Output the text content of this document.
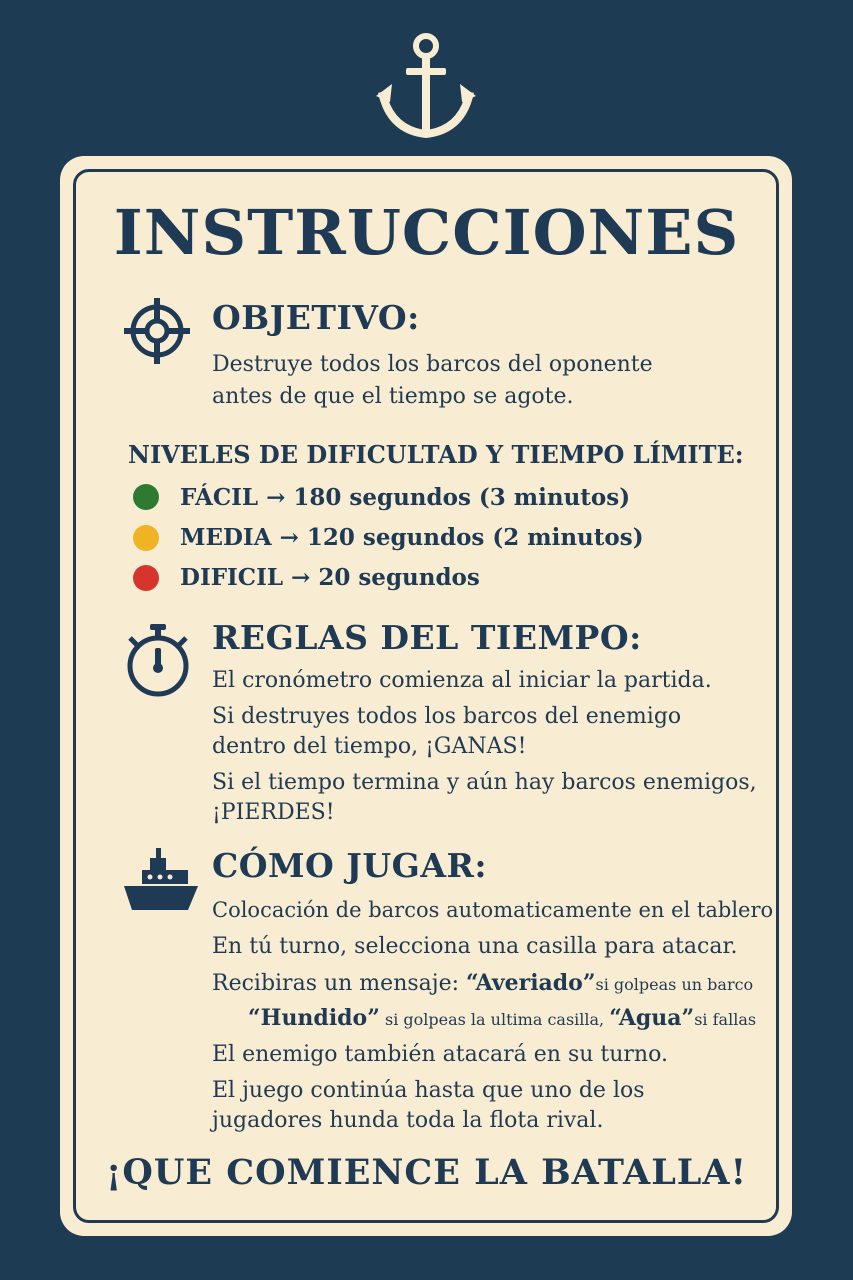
INSTRUCCIONES
OBJETIVO:
Destruye todos los barcos del oponente
antes de que el tiempo se agote.
NIVELES DE DIFICULTAD Y TIEMPO LÍMITE:
FÁCIL → 180 segundos (3 minutos)
MEDIA → 120 segundos (2 minutos)
DIFICIL → 20 segundos
REGLAS DEL TIEMPO:
El cronómetro comienza al iniciar la partida.
Si destruyes todos los barcos del enemigo
dentro del tiempo, ¡GANAS!
Si el tiempo termina y aún hay barcos enemigos,
¡PIERDES!
CÓMO JUGAR:
Colocación de barcos automaticamente en el tablero
En tú turno, selecciona una casilla para atacar.
Recibiras un mensaje: “Averiado”si golpeas un barco
“Hundido” si golpeas la ultima casilla, “Agua”si fallas
El enemigo también atacará en su turno.
El juego continúa hasta que uno de los
jugadores hunda toda la flota rival.
¡QUE COMIENCE LA BATALLA!
